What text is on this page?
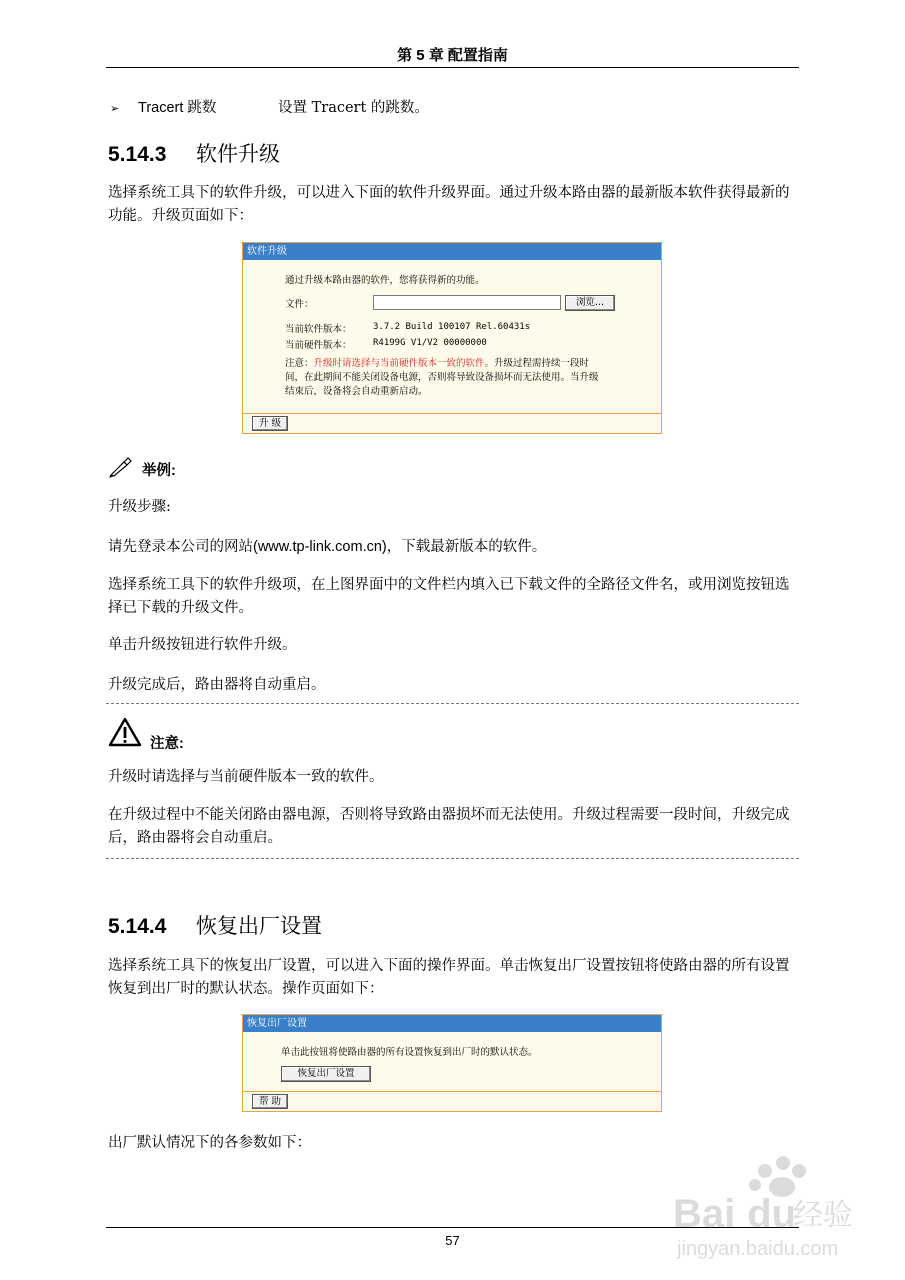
第 5 章 配置指南
➢ Tracert 跳数	设置 Tracert 的跳数。
5.14.3 软件升级
选择系统工具下的软件升级，可以进入下面的软件升级界面。通过升级本路由器的最新版本软件获得最新的功能。升级页面如下：
软件升级
通过升级本路由器的软件，您将获得新的功能。
文件：	浏览...
当前软件版本： 3.7.2 Build 100107 Rel.60431s
当前硬件版本： R4199G V1/V2 00000000
注意：升级时请选择与当前硬件版本一致的软件。升级过程需持续一段时
间，在此期间不能关闭设备电源，否则将导致设备损坏而无法使用。当升级
结束后，设备将会自动重新启动。
升 级
举例:
升级步骤:
请先登录本公司的网站(www.tp-link.com.cn)，下载最新版本的软件。
选择系统工具下的软件升级项，在上图界面中的文件栏内填入已下载文件的全路径文件名，或用浏览按钮选择已下载的升级文件。
单击升级按钮进行软件升级。
升级完成后，路由器将自动重启。
注意:
升级时请选择与当前硬件版本一致的软件。
在升级过程中不能关闭路由器电源，否则将导致路由器损坏而无法使用。升级过程需要一段时间，升级完成后，路由器将会自动重启。
5.14.4 恢复出厂设置
选择系统工具下的恢复出厂设置，可以进入下面的操作界面。单击恢复出厂设置按钮将使路由器的所有设置恢复到出厂时的默认状态。操作页面如下：
恢复出厂设置
单击此按钮将使路由器的所有设置恢复到出厂时的默认状态。
恢复出厂设置
帮 助
出厂默认情况下的各参数如下：
57
Bai du
经验
jingyan.baidu.com
